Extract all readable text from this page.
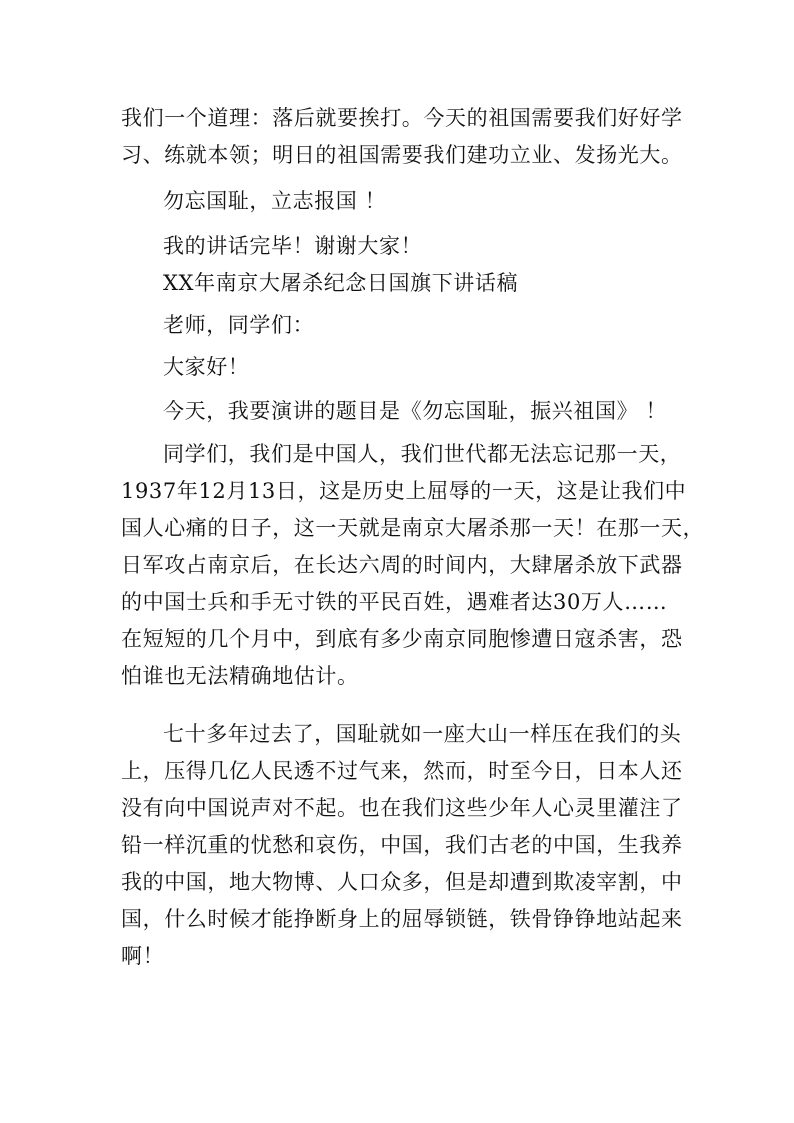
我们一个道理：落后就要挨打。今天的祖国需要我们好好学
习、练就本领；明日的祖国需要我们建功立业、发扬光大。
勿忘国耻，立志报国 ！
我的讲话完毕！谢谢大家！
XX年南京大屠杀纪念日国旗下讲话稿
老师，同学们：
大家好！
今天，我要演讲的题目是《勿忘国耻，振兴祖国》 ！
同学们，我们是中国人，我们世代都无法忘记那一天，
1937年12月13日，这是历史上屈辱的一天，这是让我们中
国人心痛的日子，这一天就是南京大屠杀那一天！在那一天，
日军攻占南京后，在长达六周的时间内，大肆屠杀放下武器
的中国士兵和手无寸铁的平民百姓，遇难者达30万人……
在短短的几个月中，到底有多少南京同胞惨遭日寇杀害，恐
怕谁也无法精确地估计。
七十多年过去了，国耻就如一座大山一样压在我们的头
上，压得几亿人民透不过气来，然而，时至今日，日本人还
没有向中国说声对不起。也在我们这些少年人心灵里灌注了
铅一样沉重的忧愁和哀伤，中国，我们古老的中国，生我养
我的中国，地大物博、人口众多，但是却遭到欺凌宰割，中
国，什么时候才能挣断身上的屈辱锁链，铁骨铮铮地站起来
啊！
